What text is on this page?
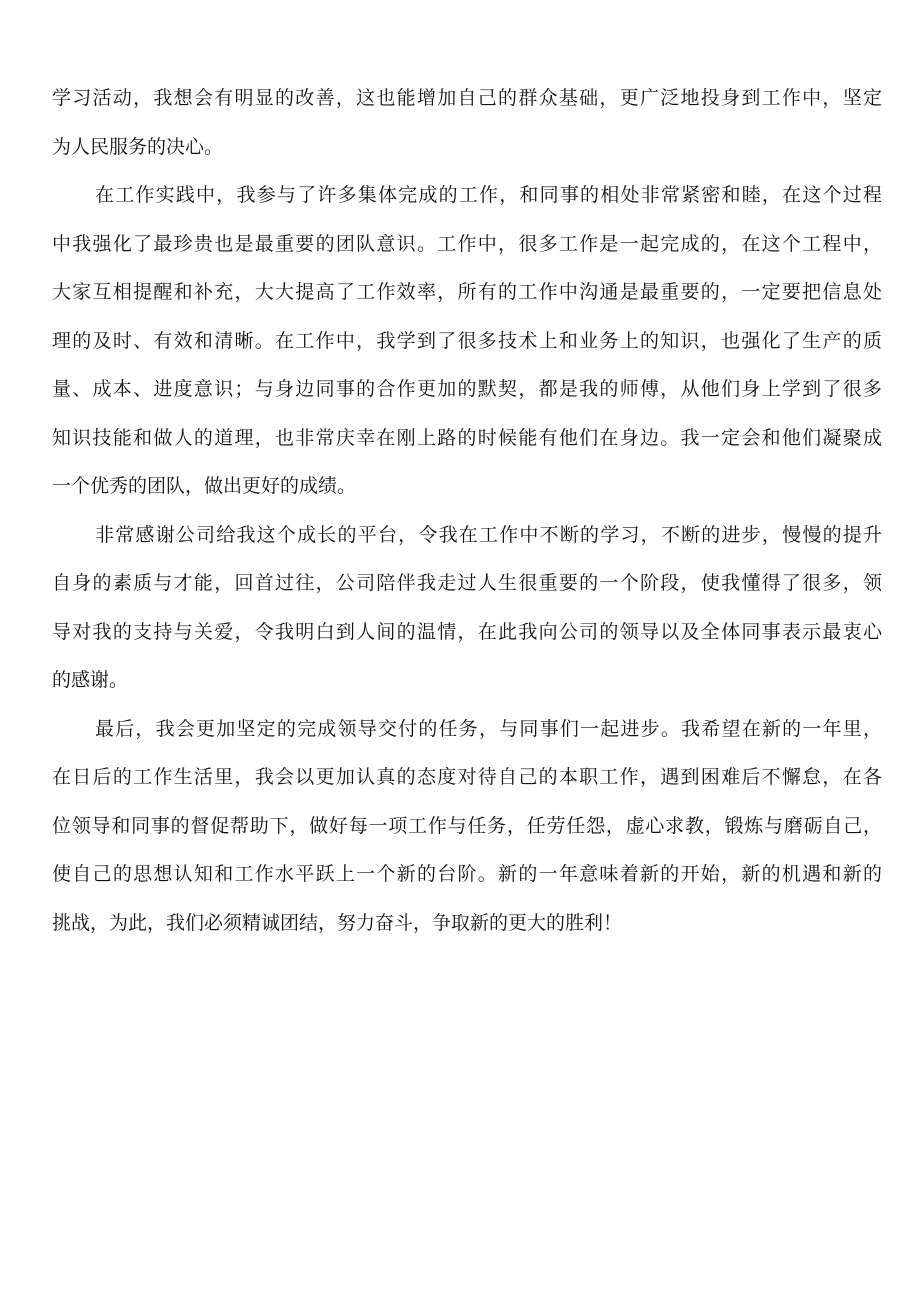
学习活动，我想会有明显的改善，这也能增加自己的群众基础，更广泛地投身到工作中，坚定
为人民服务的决心。
在工作实践中，我参与了许多集体完成的工作，和同事的相处非常紧密和睦，在这个过程
中我强化了最珍贵也是最重要的团队意识。工作中，很多工作是一起完成的，在这个工程中，
大家互相提醒和补充，大大提高了工作效率，所有的工作中沟通是最重要的，一定要把信息处
理的及时、有效和清晰。在工作中，我学到了很多技术上和业务上的知识，也强化了生产的质
量、成本、进度意识；与身边同事的合作更加的默契，都是我的师傅，从他们身上学到了很多
知识技能和做人的道理，也非常庆幸在刚上路的时候能有他们在身边。我一定会和他们凝聚成
一个优秀的团队，做出更好的成绩。
非常感谢公司给我这个成长的平台，令我在工作中不断的学习，不断的进步，慢慢的提升
自身的素质与才能，回首过往，公司陪伴我走过人生很重要的一个阶段，使我懂得了很多，领
导对我的支持与关爱，令我明白到人间的温情，在此我向公司的领导以及全体同事表示最衷心
的感谢。
最后，我会更加坚定的完成领导交付的任务，与同事们一起进步。我希望在新的一年里，
在日后的工作生活里，我会以更加认真的态度对待自己的本职工作，遇到困难后不懈怠，在各
位领导和同事的督促帮助下，做好每一项工作与任务，任劳任怨，虚心求教，锻炼与磨砺自己，
使自己的思想认知和工作水平跃上一个新的台阶。新的一年意味着新的开始，新的机遇和新的
挑战，为此，我们必须精诚团结，努力奋斗，争取新的更大的胜利！
